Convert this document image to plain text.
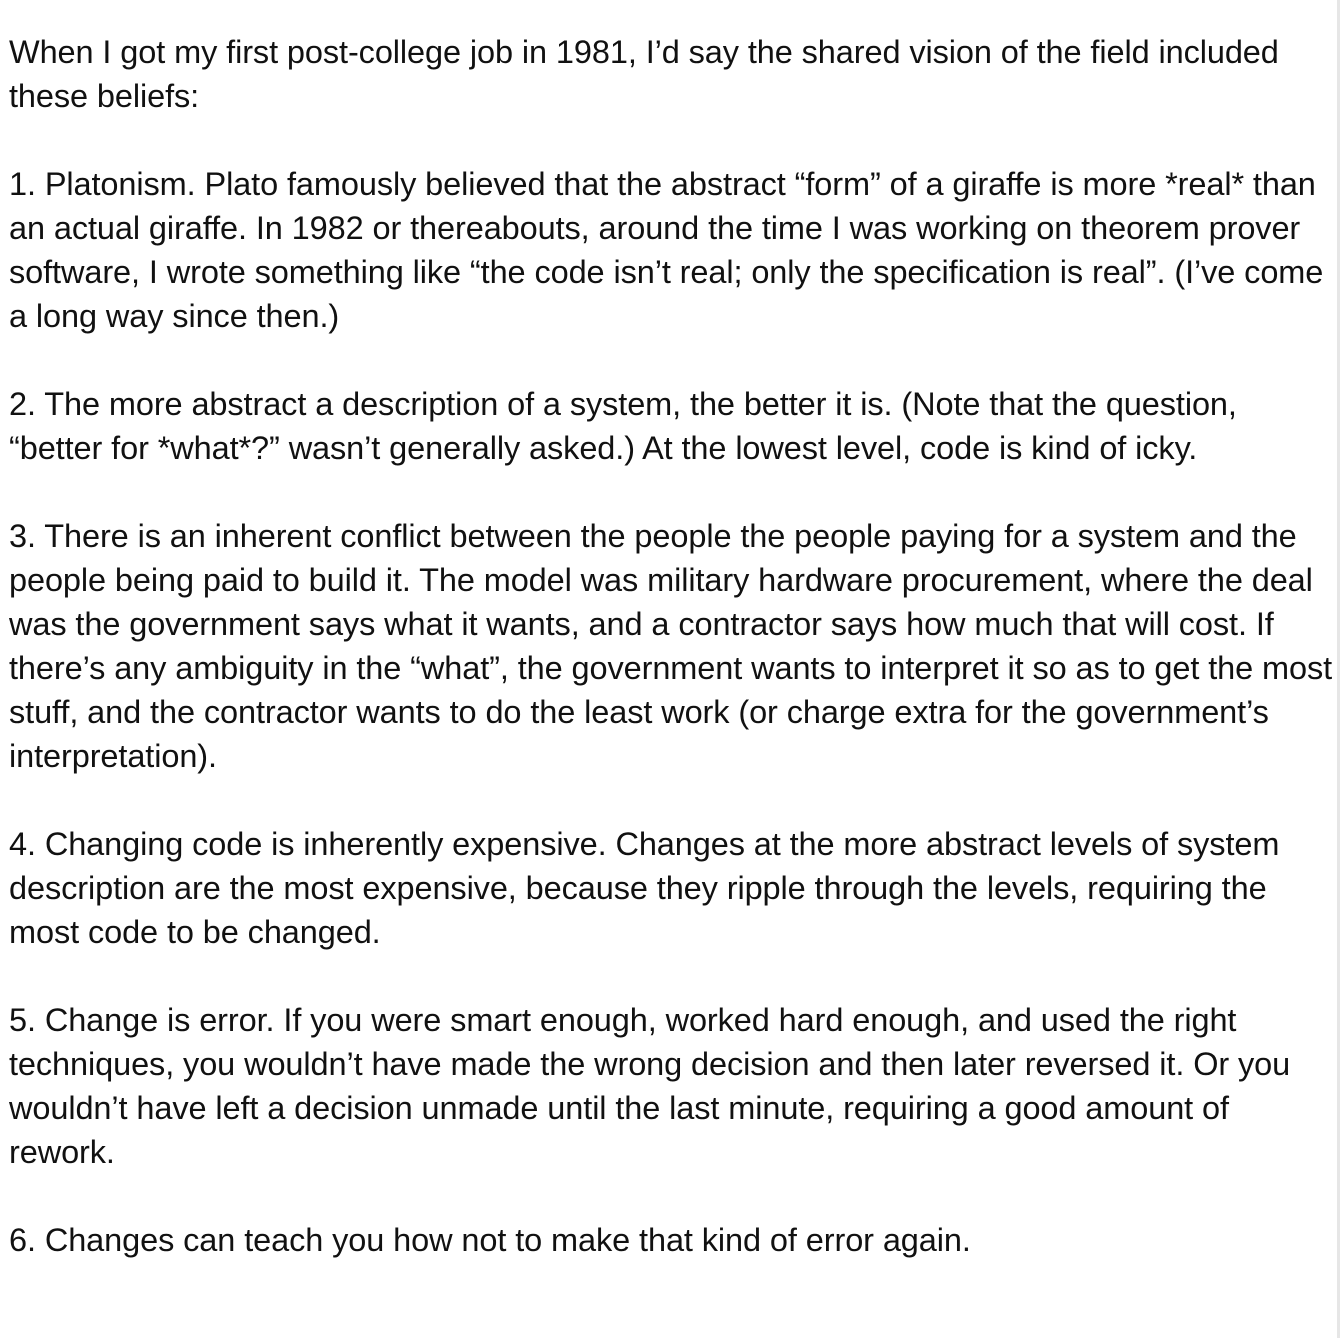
When I got my first post-college job in 1981, I’d say the shared vision of the field included these beliefs:

1. Platonism. Plato famously believed that the abstract “form” of a giraffe is more *real* than an actual giraffe. In 1982 or thereabouts, around the time I was working on theorem prover software, I wrote something like “the code isn’t real; only the specification is real”. (I’ve come a long way since then.)

2. The more abstract a description of a system, the better it is. (Note that the question, “better for *what*?” wasn’t generally asked.) At the lowest level, code is kind of icky.

3. There is an inherent conflict between the people the people paying for a system and the people being paid to build it. The model was military hardware procurement, where the deal was the government says what it wants, and a contractor says how much that will cost. If there’s any ambiguity in the “what”, the government wants to interpret it so as to get the most stuff, and the contractor wants to do the least work (or charge extra for the government’s interpretation).

4. Changing code is inherently expensive. Changes at the more abstract levels of system description are the most expensive, because they ripple through the levels, requiring the most code to be changed.

5. Change is error. If you were smart enough, worked hard enough, and used the right techniques, you wouldn’t have made the wrong decision and then later reversed it. Or you wouldn’t have left a decision unmade until the last minute, requiring a good amount of rework.

6. Changes can teach you how not to make that kind of error again.
